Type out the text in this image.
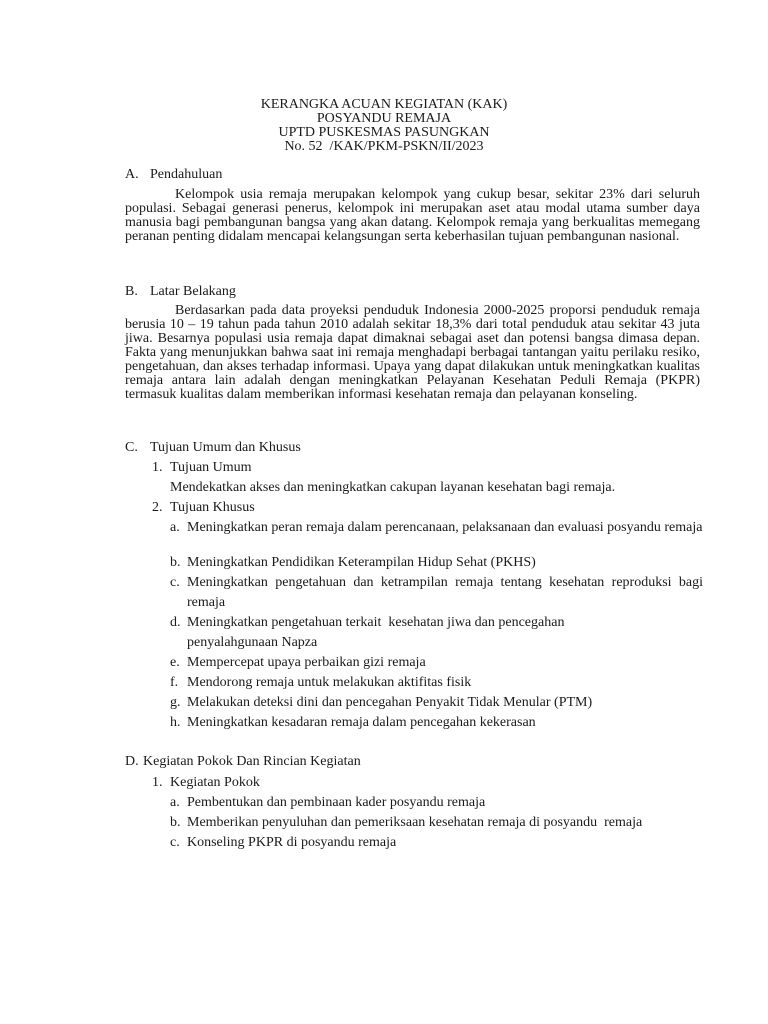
KERANGKA ACUAN KEGIATAN (KAK)
POSYANDU REMAJA
UPTD PUSKESMAS PASUNGKAN
No. 52  /KAK/PKM-PSKN/II/2023
A. Pendahuluan
Kelompok usia remaja merupakan kelompok yang cukup besar, sekitar 23% dari seluruh populasi. Sebagai generasi penerus, kelompok ini merupakan aset atau modal utama sumber daya manusia bagi pembangunan bangsa yang akan datang. Kelompok remaja yang berkualitas memegang peranan penting didalam mencapai kelangsungan serta keberhasilan tujuan pembangunan nasional.
B. Latar Belakang
Berdasarkan pada data proyeksi penduduk Indonesia 2000-2025 proporsi penduduk remaja berusia 10 – 19 tahun pada tahun 2010 adalah sekitar 18,3% dari total penduduk atau sekitar 43 juta jiwa. Besarnya populasi usia remaja dapat dimaknai sebagai aset dan potensi bangsa dimasa depan. Fakta yang menunjukkan bahwa saat ini remaja menghadapi berbagai tantangan yaitu perilaku resiko, pengetahuan, dan akses terhadap informasi. Upaya yang dapat dilakukan untuk meningkatkan kualitas remaja antara lain adalah dengan meningkatkan Pelayanan Kesehatan Peduli Remaja (PKPR) termasuk kualitas dalam memberikan informasi kesehatan remaja dan pelayanan konseling.
C. Tujuan Umum dan Khusus
1. Tujuan Umum
Mendekatkan akses dan meningkatkan cakupan layanan kesehatan bagi remaja.
2. Tujuan Khusus
a. Meningkatkan peran remaja dalam perencanaan, pelaksanaan dan evaluasi posyandu remaja
b. Meningkatkan Pendidikan Keterampilan Hidup Sehat (PKHS)
c. Meningkatkan pengetahuan dan ketrampilan remaja tentang kesehatan reproduksi bagi remaja
d. Meningkatkan pengetahuan terkait  kesehatan jiwa dan pencegahan
penyalahgunaan Napza
e. Mempercepat upaya perbaikan gizi remaja
f. Mendorong remaja untuk melakukan aktifitas fisik
g. Melakukan deteksi dini dan pencegahan Penyakit Tidak Menular (PTM)
h. Meningkatkan kesadaran remaja dalam pencegahan kekerasan
D. Kegiatan Pokok Dan Rincian Kegiatan
1. Kegiatan Pokok
a. Pembentukan dan pembinaan kader posyandu remaja
b. Memberikan penyuluhan dan pemeriksaan kesehatan remaja di posyandu  remaja
c. Konseling PKPR di posyandu remaja
